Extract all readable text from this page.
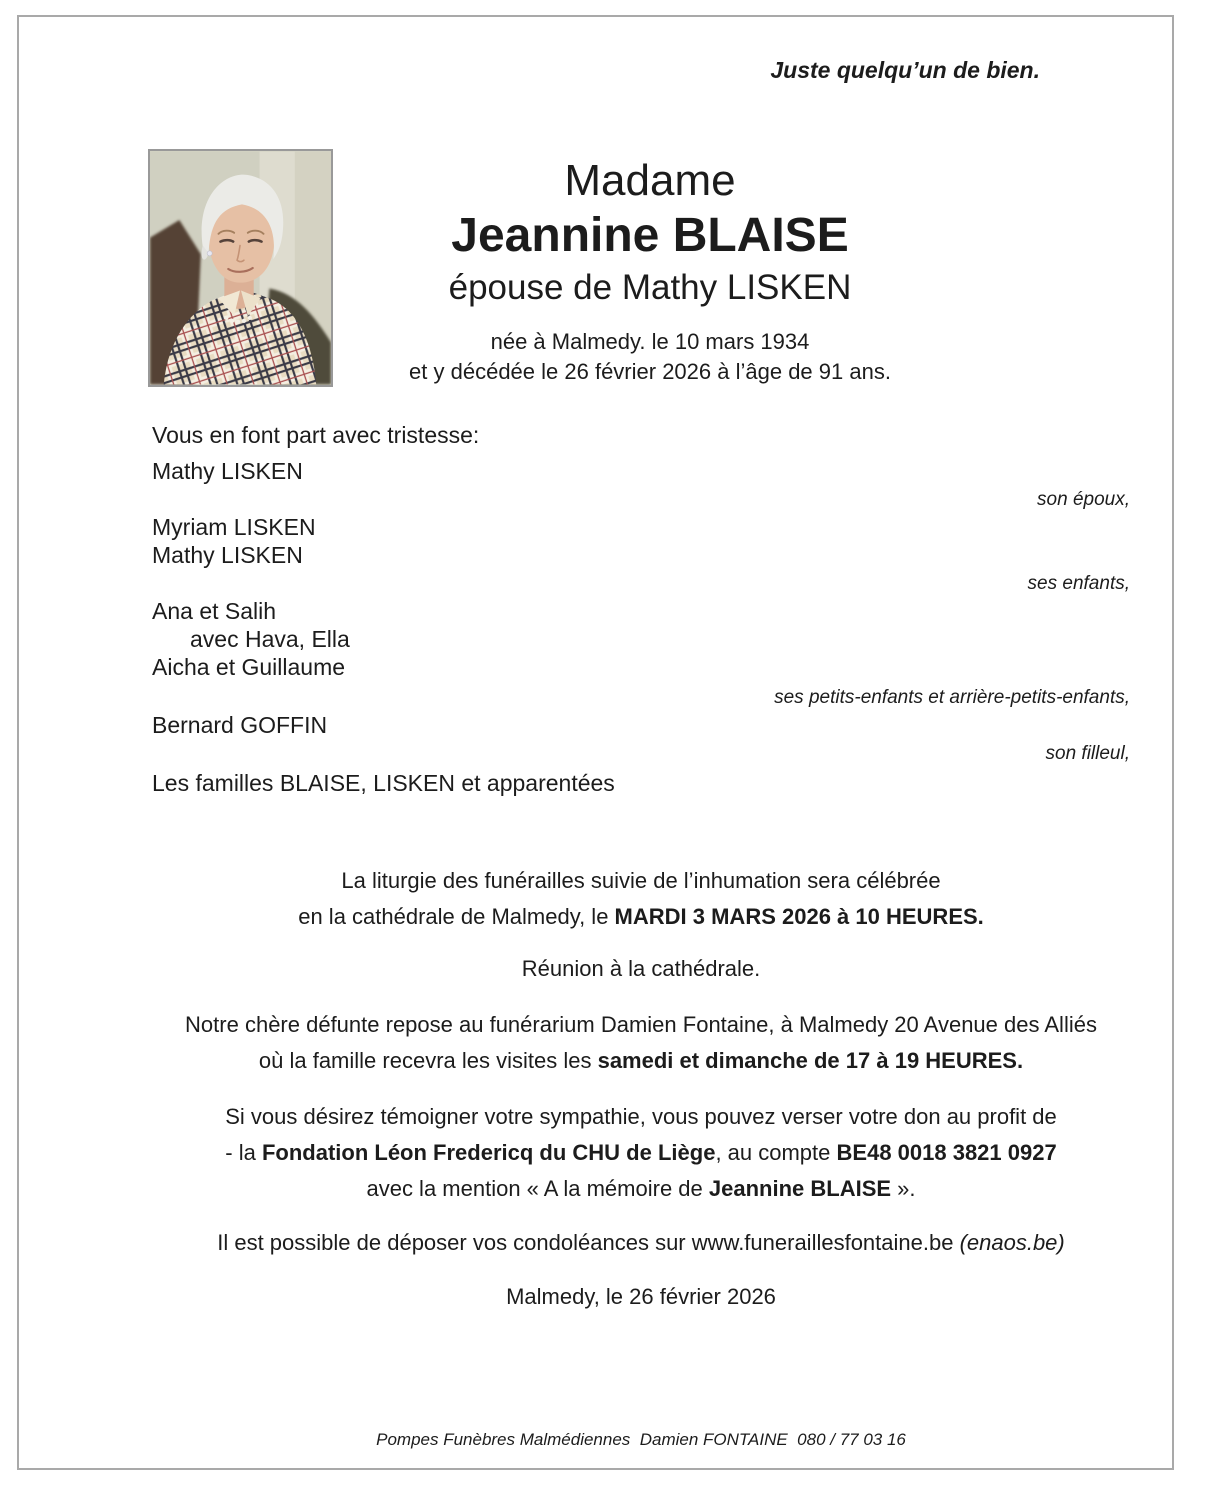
Juste quelqu’un de bien.
Madame
Jeannine BLAISE
épouse de Mathy LISKEN
née à Malmedy. le 10 mars 1934
et y décédée le 26 février 2026 à l’âge de 91 ans.
Vous en font part avec tristesse:
Mathy LISKEN
son époux,
Myriam LISKEN
Mathy LISKEN
ses enfants,
Ana et Salih
avec Hava, Ella
Aicha et Guillaume
ses petits-enfants et arrière-petits-enfants,
Bernard GOFFIN
son filleul,
Les familles BLAISE, LISKEN et apparentées

La liturgie des funérailles suivie de l’inhumation sera célébrée
en la cathédrale de Malmedy, le MARDI 3 MARS 2026 à 10 HEURES.

Réunion à la cathédrale.

Notre chère défunte repose au funérarium Damien Fontaine, à Malmedy 20 Avenue des Alliés
où la famille recevra les visites les samedi et dimanche de 17 à 19 HEURES.

Si vous désirez témoigner votre sympathie, vous pouvez verser votre don au profit de
- la Fondation Léon Fredericq du CHU de Liège, au compte BE48 0018 3821 0927
avec la mention « A la mémoire de Jeannine BLAISE ».

Il est possible de déposer vos condoléances sur www.funeraillesfontaine.be (enaos.be)

Malmedy, le 26 février 2026

Pompes Funèbres Malmédiennes  Damien FONTAINE  080 / 77 03 16
